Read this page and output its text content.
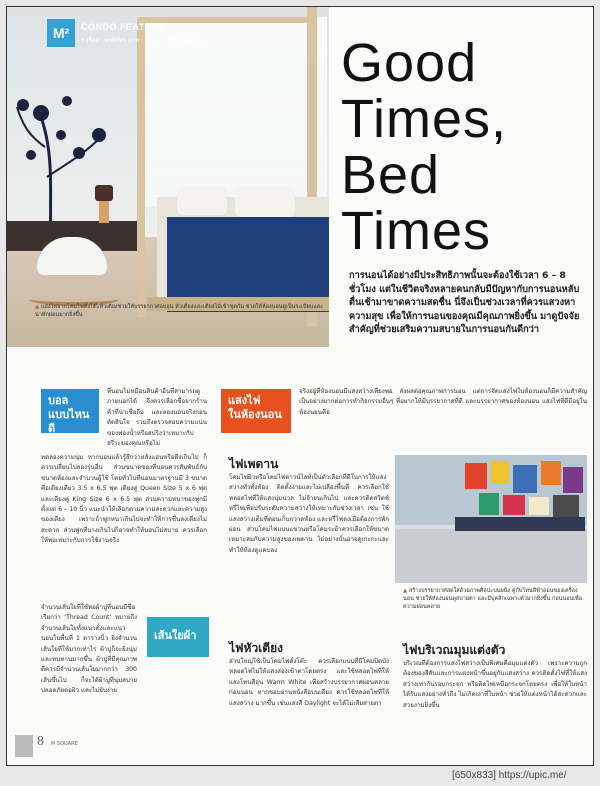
M²	CONDO FEATURE
• เรื่อง : พงศ์ภัทร ภาพ : ฝ่ายภาพ Home&Decor
▲ แสงไฟจากโคมไฟตั้งโต๊ะหัวเตียงช่วยให้บรรยากาศอบอุ่น หัวเตียงและเตียงไม้เข้าชุดกัน ช่วยให้ห้องนอนดูเป็นระเบียบและน่าพักผ่อนมากยิ่งขึ้น
Good
Times,
Bed
Times
การนอนได้อย่างมีประสิทธิภาพนั้นจะต้องใช้เวลา 6 – 8 ชั่วโมง แต่ในชีวิตจริงหลายคนกลับมีปัญหากับการนอนหลับตื่นเช้ามาขาดความสดชื่น นี่จึงเป็นช่วงเวลาที่ควรแสวงหาความสุข เพื่อให้การนอนของคุณมีคุณภาพยิ่งขึ้น มาดูปัจจัยสำคัญที่ช่วยเสริมความสบายในการนอนกันดีกว่า
บอล
แบบไหนดี
ที่นอนไม่หมือนสินค้าอื่นที่สามารถดูภายนอกได้ จึงควรเลือกซื้อจากร้านค้าที่น่าเชื่อถือ และลองนอนจริงก่อนตัดสินใจ รวมถึงตรวจสอบความแน่นของฟองน้ำหรือสปริงว่าเหมาะกับสรีระของคุณหรือไม่
ทดลองความนุ่ม หากนอนแล้วรู้สึกว่าหลังแอ่นหรือตึงเกินไป ก็ควรเปลี่ยนไปลองรุ่นอื่น ส่วนขนาดของที่นอนควรสัมพันธ์กับขนาดห้องและจำนวนผู้ใช้ โดยทั่วไปที่นอนมาตรฐานมี 3 ขนาด คือเตียงเดี่ยว 3.5 x 6.5 ฟุต เตียงคู่ Queen Size 5 x 6 ฟุต และเตียงคู่ King Size 6 x 6.5 ฟุต ส่วนความหนาของฟูกมีตั้งแต่ 6 – 10 นิ้ว แนะนำให้เลือกตามความสะดวกและความสูงของเตียง เพราะถ้าฟูกหนาเกินไปจะทำให้การขึ้นลงเตียงไม่สะดวก ส่วนฟูกที่บางเกินไปก็อาจทำให้นอนไม่สบาย ควรเลือกให้พอเหมาะกับการใช้งานจริง
จำนวนเส้นใยที่ใช้ทอผ้าปูที่นอนมีชื่อเรียกว่า ‘Thread Count’ หมายถึง จำนวนเส้นใยทั้งแนวตั้งและแนวนอนในพื้นที่ 1 ตารางนิ้ว ยิ่งจำนวนเส้นใยที่ใช้มากเท่าไร ผ้าปูก็จะยิ่งนุ่มและทนทานมากขึ้น ผ้าปูที่มีคุณภาพดีควรมีจำนวนเส้นใยมากกว่า 300 เส้นขึ้นไป ก็จะได้ผ้าปูที่นุ่มสบาย ปลอดภัยต่อผิว และไม่ยับง่าย
เส้นใยผ้าปู
แสงไฟ
ในห้องนอน
จริงอยู่ที่ห้องนอนมีแสงสว่างเพียงพอ ส่งผลต่อคุณภาพการนอน แต่การจัดแสงไฟในห้องนอนก็มีความสำคัญเป็นอย่างมากต่อการทำกิจกรรมอื่นๆ ที่อยากให้มีบรรยากาศที่ดี และบรรยากาศของห้องนอน แสงไฟที่ดีมีอยู่ในห้องนอนคือ
ไฟเพดาน
โคมไฟผิวหรือโคมไฟดาวน์ไลท์เป็นตัวเลือกที่ดีในการให้แสงสว่างทั่วทั้งห้อง ติดตั้งง่ายและไม่เปลืองพื้นที่ ควรเลือกใช้หลอดไฟที่ให้แสงนุ่มนวล ไม่จ้าจนเกินไป และควรติดสวิตช์หรี่ไฟเพื่อปรับระดับความสว่างให้เหมาะกับช่วงเวลา เช่น ใช้แสงสว่างเต็มที่ตอนเก็บกวาดห้อง และหรี่ไฟลงเมื่อต้องการพักผ่อน ส่วนโคมไฟแบบแขวนหรือโคมระย้าควรเลือกให้ขนาดเหมาะสมกับความสูงของเพดาน ไม่อย่างนั้นอาจดูเกะกะและทำให้ห้องดูแคบลง
ไฟหัวเตียง
ส่วนใหญ่ใช้เป็นโคมไฟตั้งโต๊ะ ควรเลือกแบบที่มีโคมปิดบังหลอดไฟไม่ให้แสงส่องเข้าตาโดยตรง และใช้หลอดไฟที่ให้แสงโทนสีอุ่น Warm White เพื่อสร้างบรรยากาศผ่อนคลายก่อนนอน หากชอบอ่านหนังสือบนเตียง ควรใช้หลอดไฟที่ให้แสงสว่าง มากขึ้น เช่นแสงสี Daylight จะได้ไม่เสียสายตา
▲ สร้างบรรยากาศสดใสด้วยภาพศิลปะบนผนัง คู่กับโทนสีฟ้าอ่อนของเครื่องนอน ช่วยให้ห้องนอนดูสบายตา และมีบุคลิกเฉพาะตัวมากยิ่งขึ้น ก่อนนอนเพื่อความผ่อนคลาย
ไฟบริเวณมุมแต่งตัว
บริเวณที่ต้องการแสงไฟสว่างเป็นพิเศษคือมุมแต่งตัว เพราะความถูกต้องของสีสันและการแต่งหน้าขึ้นอยู่กับแสงสว่าง ควรติดตั้งไฟที่ให้แสงสว่างเท่ากันรอบกระจก หรือติดไฟเหนือกระจกโดยตรง เพื่อให้ใบหน้าได้รับแสงอย่างทั่วถึง ไม่เกิดเงาที่ใบหน้า ช่วยให้แต่งหน้าได้สะดวกและสวยงามยิ่งขึ้น
8 M SQUARE
[650x833] https://upic.me/
